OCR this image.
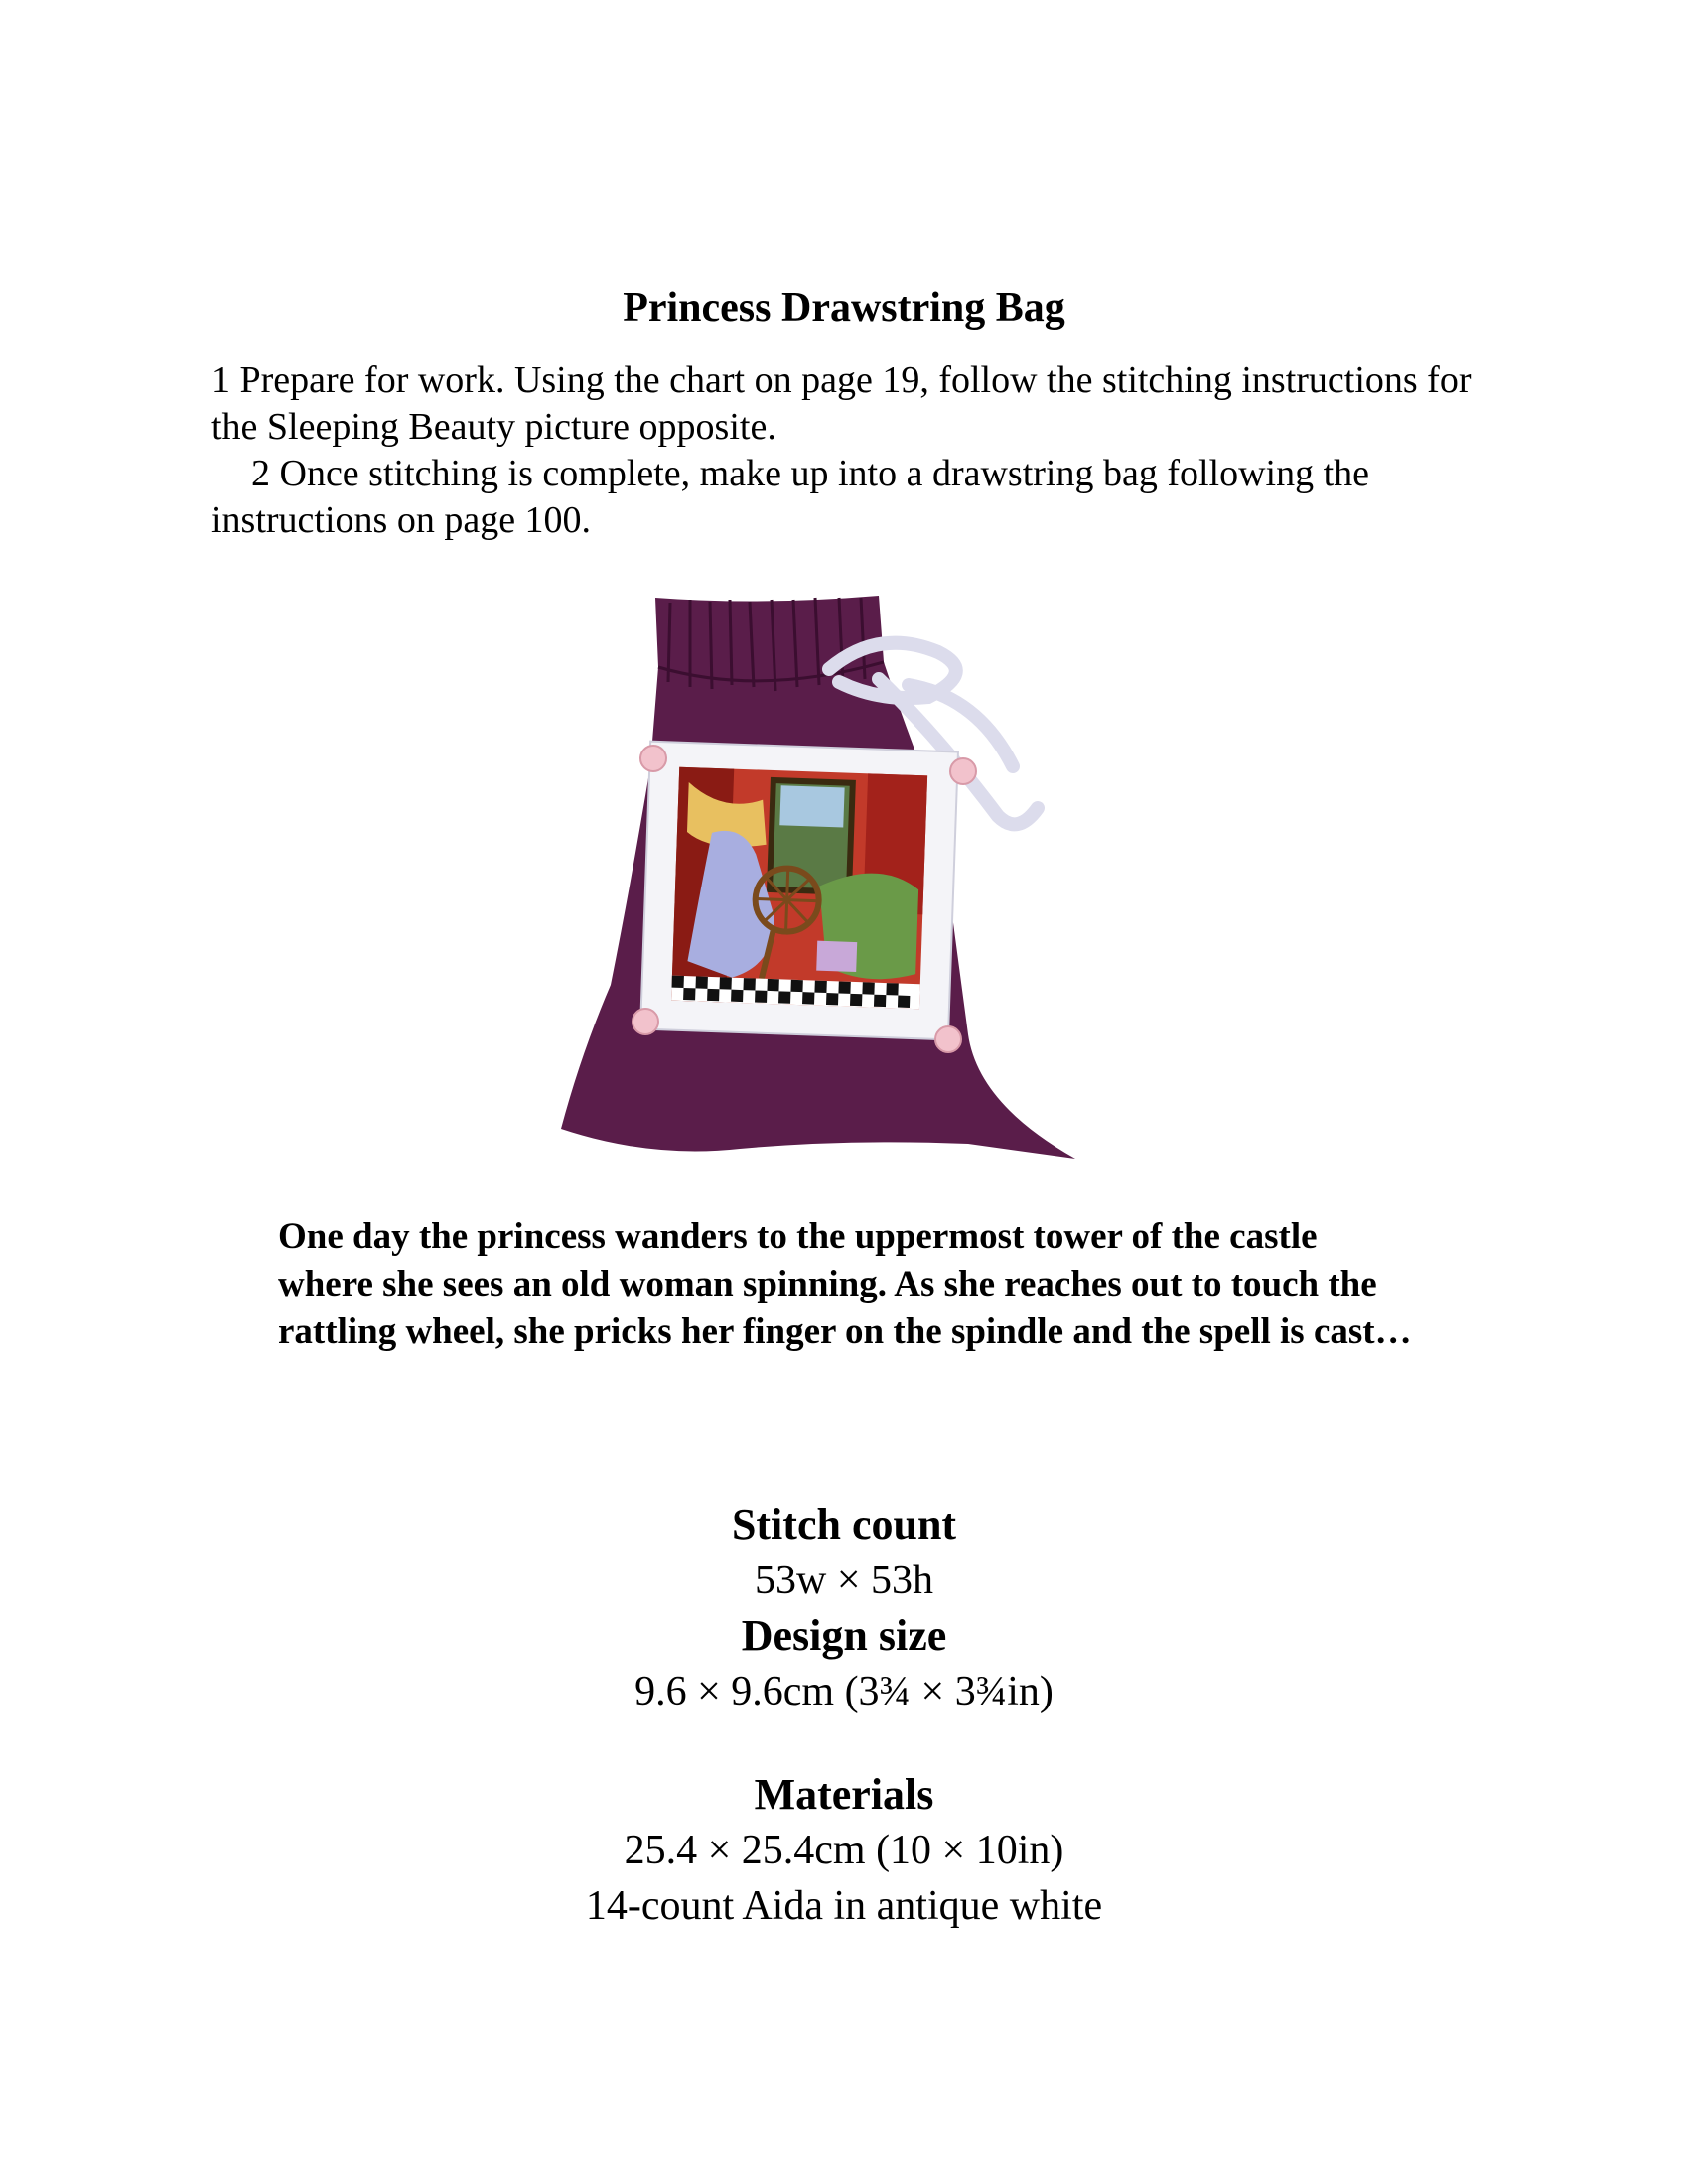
Princess Drawstring Bag

1 Prepare for work. Using the chart on page 19, follow the stitching instructions for the Sleeping Beauty picture opposite.

2 Once stitching is complete, make up into a drawstring bag following the instructions on page 100.

One day the princess wanders to the uppermost tower of the castle where she sees an old woman spinning. As she reaches out to touch the rattling wheel, she pricks her finger on the spindle and the spell is cast…
Stitch count
53w × 53h
Design size
9.6 × 9.6cm (3¾ × 3¾in)
Materials
25.4 × 25.4cm (10 × 10in)
14-count Aida in antique white
